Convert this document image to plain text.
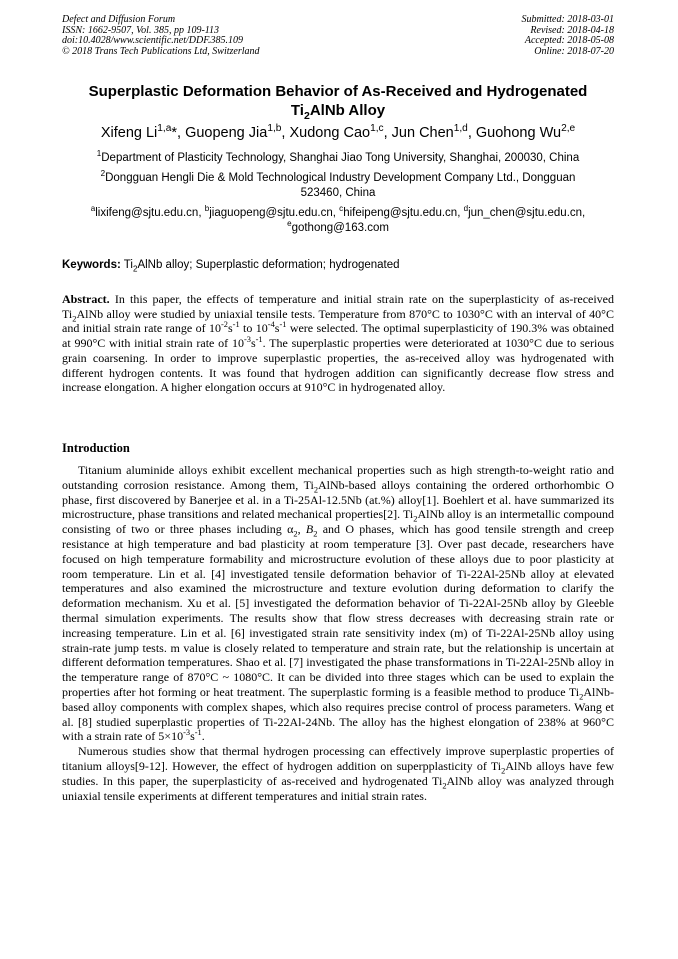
Defect and Diffusion Forum
ISSN: 1662-9507, Vol. 385, pp 109-113
doi:10.4028/www.scientific.net/DDF.385.109
© 2018 Trans Tech Publications Ltd, Switzerland
Submitted: 2018-03-01
Revised: 2018-04-18
Accepted: 2018-05-08
Online: 2018-07-20
Superplastic Deformation Behavior of As-Received and Hydrogenated
$Ti_2AlNb$ Alloy
Xifeng Li$^{1,a}$*, Guopeng Jia$^{1,b}$, Xudong Cao$^{1,c}$, Jun Chen$^{1,d}$, Guohong Wu$^{2,e}$
$^1$Department of Plasticity Technology, Shanghai Jiao Tong University, Shanghai, 200030, China
$^2$Dongguan Hengli Die & Mold Technological Industry Development Company Ltd., Dongguan
523460, China
$^a$lixifeng@sjtu.edu.cn, $^b$jiaguopeng@sjtu.edu.cn, $^c$hifeipeng@sjtu.edu.cn, $^d$jun_chen@sjtu.edu.cn,
$^e$gothong@163.com
Keywords: $Ti_2AlNb$ alloy; Superplastic deformation; hydrogenated
Abstract. In this paper, the effects of temperature and initial strain rate on the superplasticity of as-received $Ti_2AlNb$ alloy were studied by uniaxial tensile tests. Temperature from 870°C to 1030°C with an interval of 40°C and initial strain rate range of $10^{-2}s^{-1}$ to $10^{-4}s^{-1}$ were selected. The optimal superplasticity of 190.3% was obtained at 990°C with initial strain rate of $10^{-3}s^{-1}$. The superplastic properties were deteriorated at 1030°C due to serious grain coarsening. In order to improve superplastic properties, the as-received alloy was hydrogenated with different hydrogen contents. It was found that hydrogen addition can significantly decrease flow stress and increase elongation. A higher elongation occurs at 910°C in hydrogenated alloy.
Introduction

Titanium aluminide alloys exhibit excellent mechanical properties such as high strength-to-weight ratio and outstanding corrosion resistance. Among them, $Ti_2AlNb$-based alloys containing the ordered orthorhombic O phase, first discovered by Banerjee et al. in a Ti-25Al-12.5Nb (at.%) alloy[1]. Boehlert et al. have summarized its microstructure, phase transitions and related mechanical properties[2]. $Ti_2AlNb$ alloy is an intermetallic compound consisting of two or three phases including $\alpha_2$, $B_2$ and O phases, which has good tensile strength and creep resistance at high temperature and bad plasticity at room temperature [3]. Over past decade, researchers have focused on high temperature formability and microstructure evolution of these alloys due to poor plasticity at room temperature. Lin et al. [4] investigated tensile deformation behavior of Ti-22Al-25Nb alloy at elevated temperatures and also examined the microstructure and texture evolution during deformation to clarify the deformation mechanism. Xu et al. [5] investigated the deformation behavior of Ti-22Al-25Nb alloy by Gleeble thermal simulation experiments. The results show that flow stress decreases with decreasing strain rate or increasing temperature. Lin et al. [6] investigated strain rate sensitivity index (m) of Ti-22Al-25Nb alloy using strain-rate jump tests. m value is closely related to temperature and strain rate, but the relationship is uncertain at different deformation temperatures. Shao et al. [7] investigated the phase transformations in Ti-22Al-25Nb alloy in the temperature range of 870°C ~ 1080°C. It can be divided into three stages which can be used to explain the properties after hot forming or heat treatment. The superplastic forming is a feasible method to produce $Ti_2AlNb$-based alloy components with complex shapes, which also requires precise control of process parameters. Wang et al. [8] studied superplastic properties of Ti-22Al-24Nb. The alloy has the highest elongation of 238% at 960°C with a strain rate of $5\times 10^{-3}s^{-1}$.

Numerous studies show that thermal hydrogen processing can effectively improve superplastic properties of titanium alloys[9-12]. However, the effect of hydrogen addition on superpplasticity of $Ti_2AlNb$ alloys have few studies. In this paper, the superplasticity of as-received and hydrogenated $Ti_2AlNb$ alloy was analyzed through uniaxial tensile experiments at different temperatures and initial strain rates.
